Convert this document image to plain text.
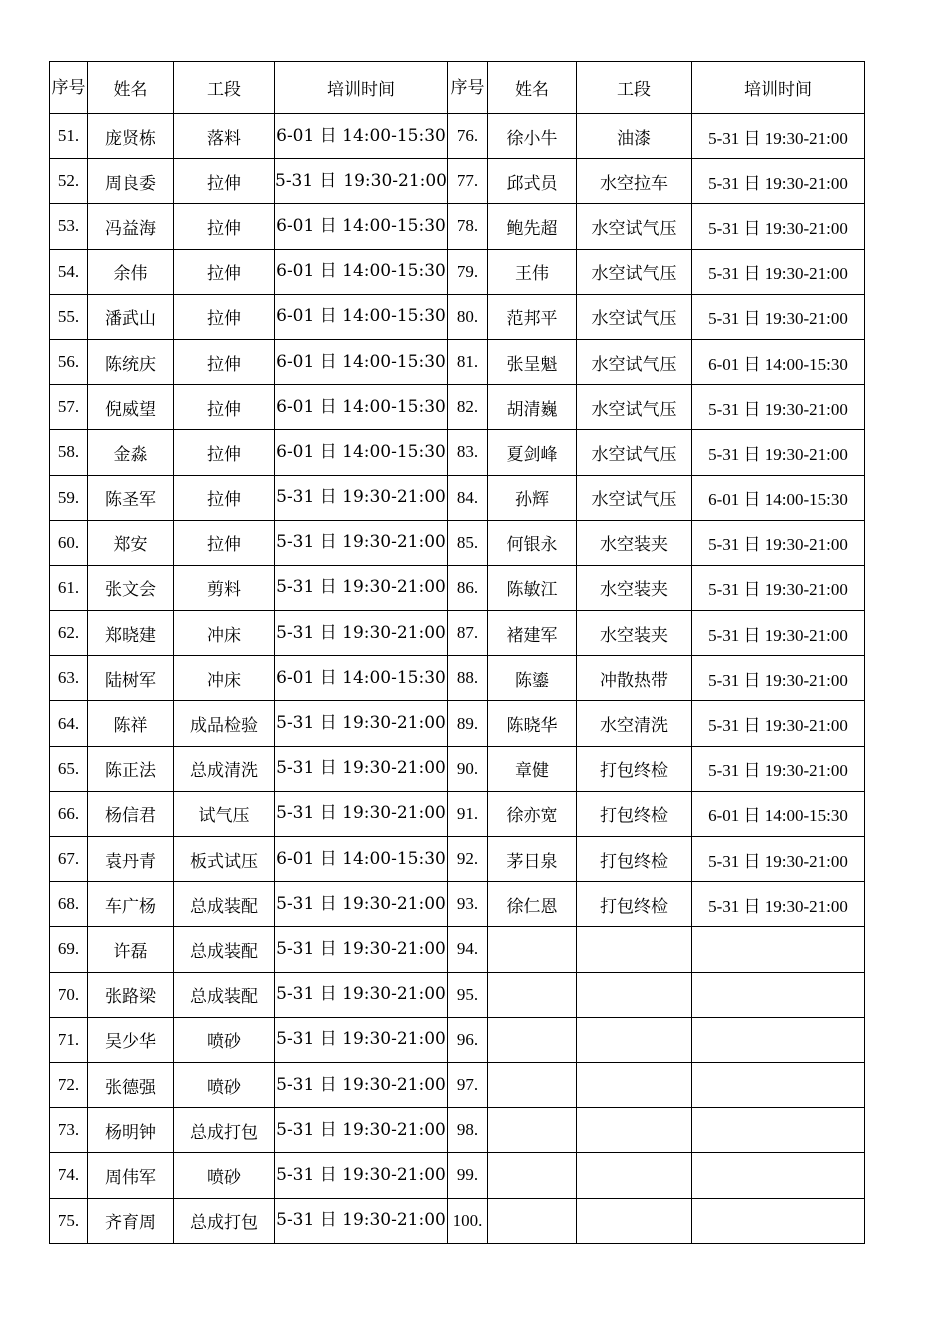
序号	姓名	工段	培训时间	序号	姓名	工段	培训时间
51.	庞贤栋	落料	6-01 日 14:00-15:30	76.	徐小牛	油漆	5-31 日 19:30-21:00
52.	周良委	拉伸	5-31 日 19:30-21:00	77.	邱式员	水空拉车	5-31 日 19:30-21:00
53.	冯益海	拉伸	6-01 日 14:00-15:30	78.	鲍先超	水空试气压	5-31 日 19:30-21:00
54.	余伟	拉伸	6-01 日 14:00-15:30	79.	王伟	水空试气压	5-31 日 19:30-21:00
55.	潘武山	拉伸	6-01 日 14:00-15:30	80.	范邦平	水空试气压	5-31 日 19:30-21:00
56.	陈统庆	拉伸	6-01 日 14:00-15:30	81.	张呈魁	水空试气压	6-01 日 14:00-15:30
57.	倪威望	拉伸	6-01 日 14:00-15:30	82.	胡清巍	水空试气压	5-31 日 19:30-21:00
58.	金淼	拉伸	6-01 日 14:00-15:30	83.	夏剑峰	水空试气压	5-31 日 19:30-21:00
59.	陈圣军	拉伸	5-31 日 19:30-21:00	84.	孙辉	水空试气压	6-01 日 14:00-15:30
60.	郑安	拉伸	5-31 日 19:30-21:00	85.	何银永	水空装夹	5-31 日 19:30-21:00
61.	张文会	剪料	5-31 日 19:30-21:00	86.	陈敏江	水空装夹	5-31 日 19:30-21:00
62.	郑晓建	冲床	5-31 日 19:30-21:00	87.	褚建军	水空装夹	5-31 日 19:30-21:00
63.	陆树军	冲床	6-01 日 14:00-15:30	88.	陈鎏	冲散热带	5-31 日 19:30-21:00
64.	陈祥	成品检验	5-31 日 19:30-21:00	89.	陈晓华	水空清洗	5-31 日 19:30-21:00
65.	陈正法	总成清洗	5-31 日 19:30-21:00	90.	章健	打包终检	5-31 日 19:30-21:00
66.	杨信君	试气压	5-31 日 19:30-21:00	91.	徐亦宽	打包终检	6-01 日 14:00-15:30
67.	袁丹青	板式试压	6-01 日 14:00-15:30	92.	茅日泉	打包终检	5-31 日 19:30-21:00
68.	车广杨	总成装配	5-31 日 19:30-21:00	93.	徐仁恩	打包终检	5-31 日 19:30-21:00
69.	许磊	总成装配	5-31 日 19:30-21:00	94.			
70.	张路梁	总成装配	5-31 日 19:30-21:00	95.			
71.	吴少华	喷砂	5-31 日 19:30-21:00	96.			
72.	张德强	喷砂	5-31 日 19:30-21:00	97.			
73.	杨明钟	总成打包	5-31 日 19:30-21:00	98.			
74.	周伟军	喷砂	5-31 日 19:30-21:00	99.			
75.	齐育周	总成打包	5-31 日 19:30-21:00	100.			
